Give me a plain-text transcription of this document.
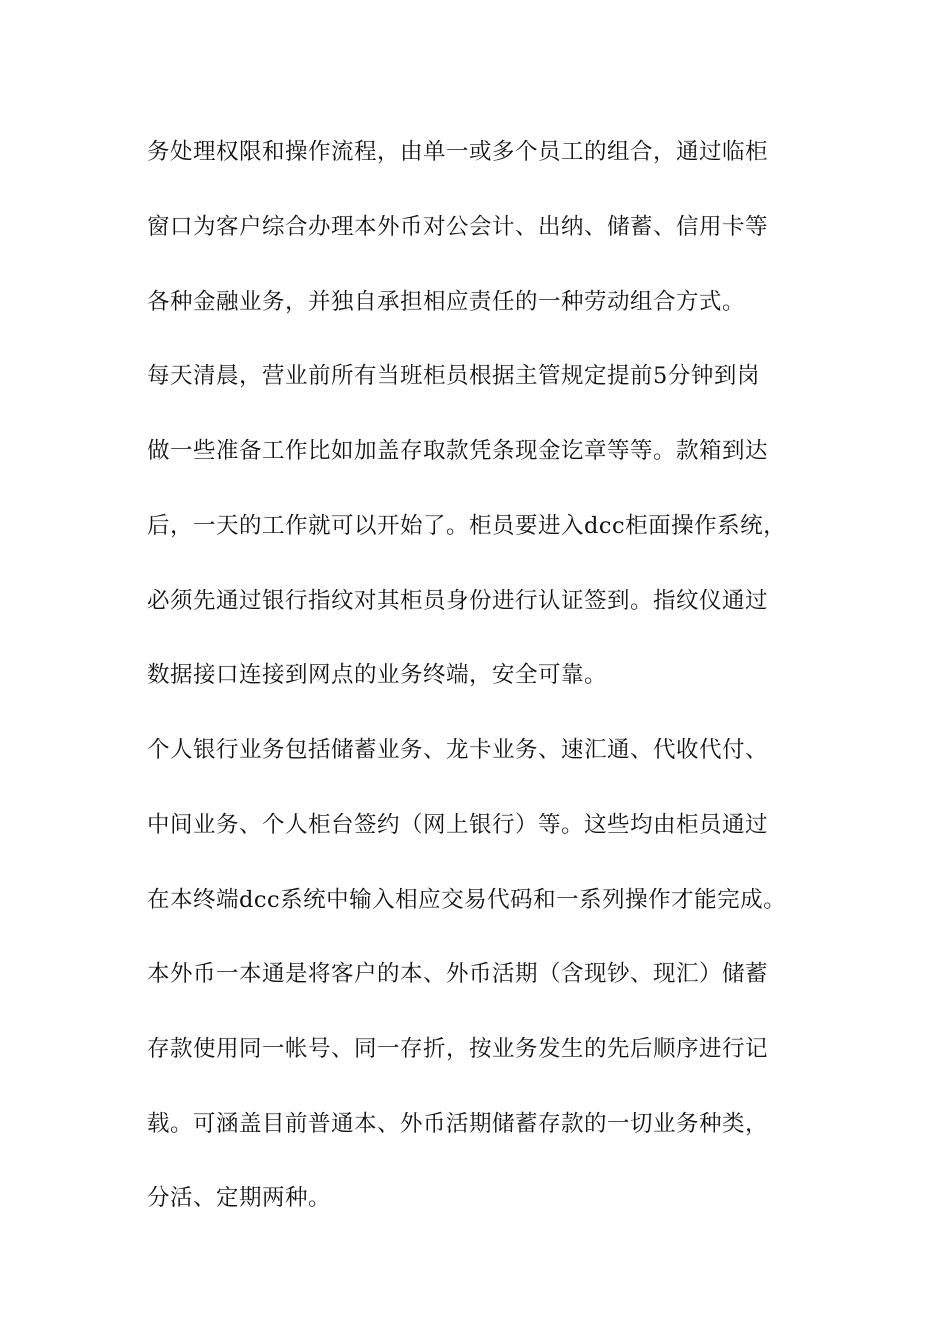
务处理权限和操作流程，由单一或多个员工的组合，通过临柜
窗口为客户综合办理本外币对公会计、出纳、储蓄、信用卡等
各种金融业务，并独自承担相应责任的一种劳动组合方式。
每天清晨，营业前所有当班柜员根据主管规定提前5分钟到岗
做一些准备工作比如加盖存取款凭条现金讫章等等。款箱到达
后，一天的工作就可以开始了。柜员要进入dcc柜面操作系统，
必须先通过银行指纹对其柜员身份进行认证签到。指纹仪通过
数据接口连接到网点的业务终端，安全可靠。
个人银行业务包括储蓄业务、龙卡业务、速汇通、代收代付、
中间业务、个人柜台签约（网上银行）等。这些均由柜员通过
在本终端dcc系统中输入相应交易代码和一系列操作才能完成。
本外币一本通是将客户的本、外币活期（含现钞、现汇）储蓄
存款使用同一帐号、同一存折，按业务发生的先后顺序进行记
载。可涵盖目前普通本、外币活期储蓄存款的一切业务种类，
分活、定期两种。
